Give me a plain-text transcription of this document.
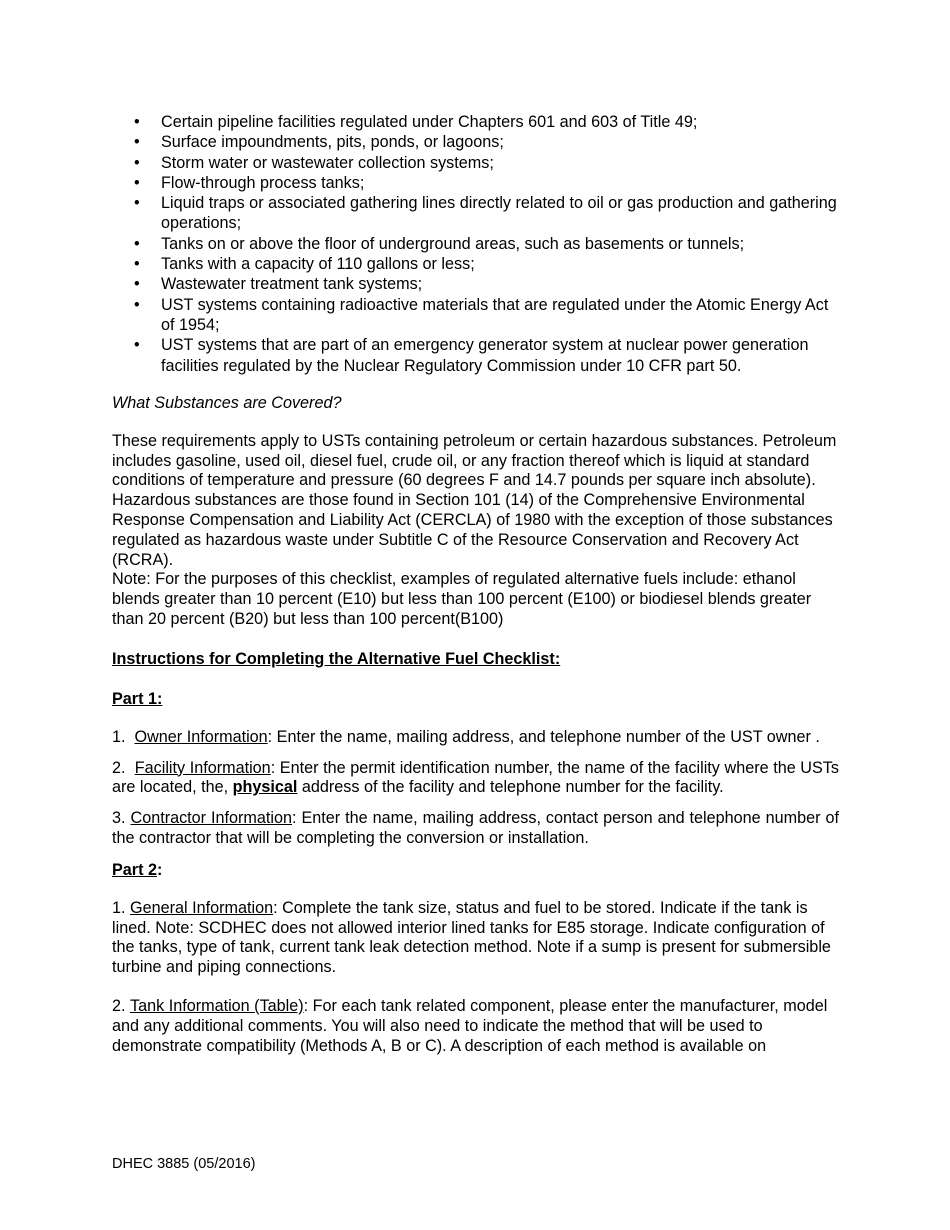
• Certain pipeline facilities regulated under Chapters 601 and 603 of Title 49;
• Surface impoundments, pits, ponds, or lagoons;
• Storm water or wastewater collection systems;
• Flow-through process tanks;
• Liquid traps or associated gathering lines directly related to oil or gas production and gathering operations;
• Tanks on or above the floor of underground areas, such as basements or tunnels;
• Tanks with a capacity of 110 gallons or less;
• Wastewater treatment tank systems;
• UST systems containing radioactive materials that are regulated under the Atomic Energy Act of 1954;
• UST systems that are part of an emergency generator system at nuclear power generation facilities regulated by the Nuclear Regulatory Commission under 10 CFR part 50.
What Substances are Covered?
These requirements apply to USTs containing petroleum or certain hazardous substances. Petroleum includes gasoline, used oil, diesel fuel, crude oil, or any fraction thereof which is liquid at standard conditions of temperature and pressure (60 degrees F and 14.7 pounds per square inch absolute). Hazardous substances are those found in Section 101 (14) of the Comprehensive Environmental Response Compensation and Liability Act (CERCLA) of 1980 with the exception of those substances regulated as hazardous waste under Subtitle C of the Resource Conservation and Recovery Act (RCRA).
Note: For the purposes of this checklist, examples of regulated alternative fuels include: ethanol blends greater than 10 percent (E10) but less than 100 percent (E100) or biodiesel blends greater than 20 percent (B20) but less than 100 percent(B100)
Instructions for Completing the Alternative Fuel Checklist:
Part 1:
1. Owner Information: Enter the name, mailing address, and telephone number of the UST owner .
2. Facility Information: Enter the permit identification number, the name of the facility where the USTs are located, the, physical address of the facility and telephone number for the facility.
3. Contractor Information: Enter the name, mailing address, contact person and telephone number of the contractor that will be completing the conversion or installation.
Part 2:
1. General Information: Complete the tank size, status and fuel to be stored. Indicate if the tank is lined. Note: SCDHEC does not allowed interior lined tanks for E85 storage. Indicate configuration of the tanks, type of tank, current tank leak detection method. Note if a sump is present for submersible turbine and piping connections.
2. Tank Information (Table): For each tank related component, please enter the manufacturer, model and any additional comments. You will also need to indicate the method that will be used to demonstrate compatibility (Methods A, B or C). A description of each method is available on
DHEC 3885 (05/2016)
